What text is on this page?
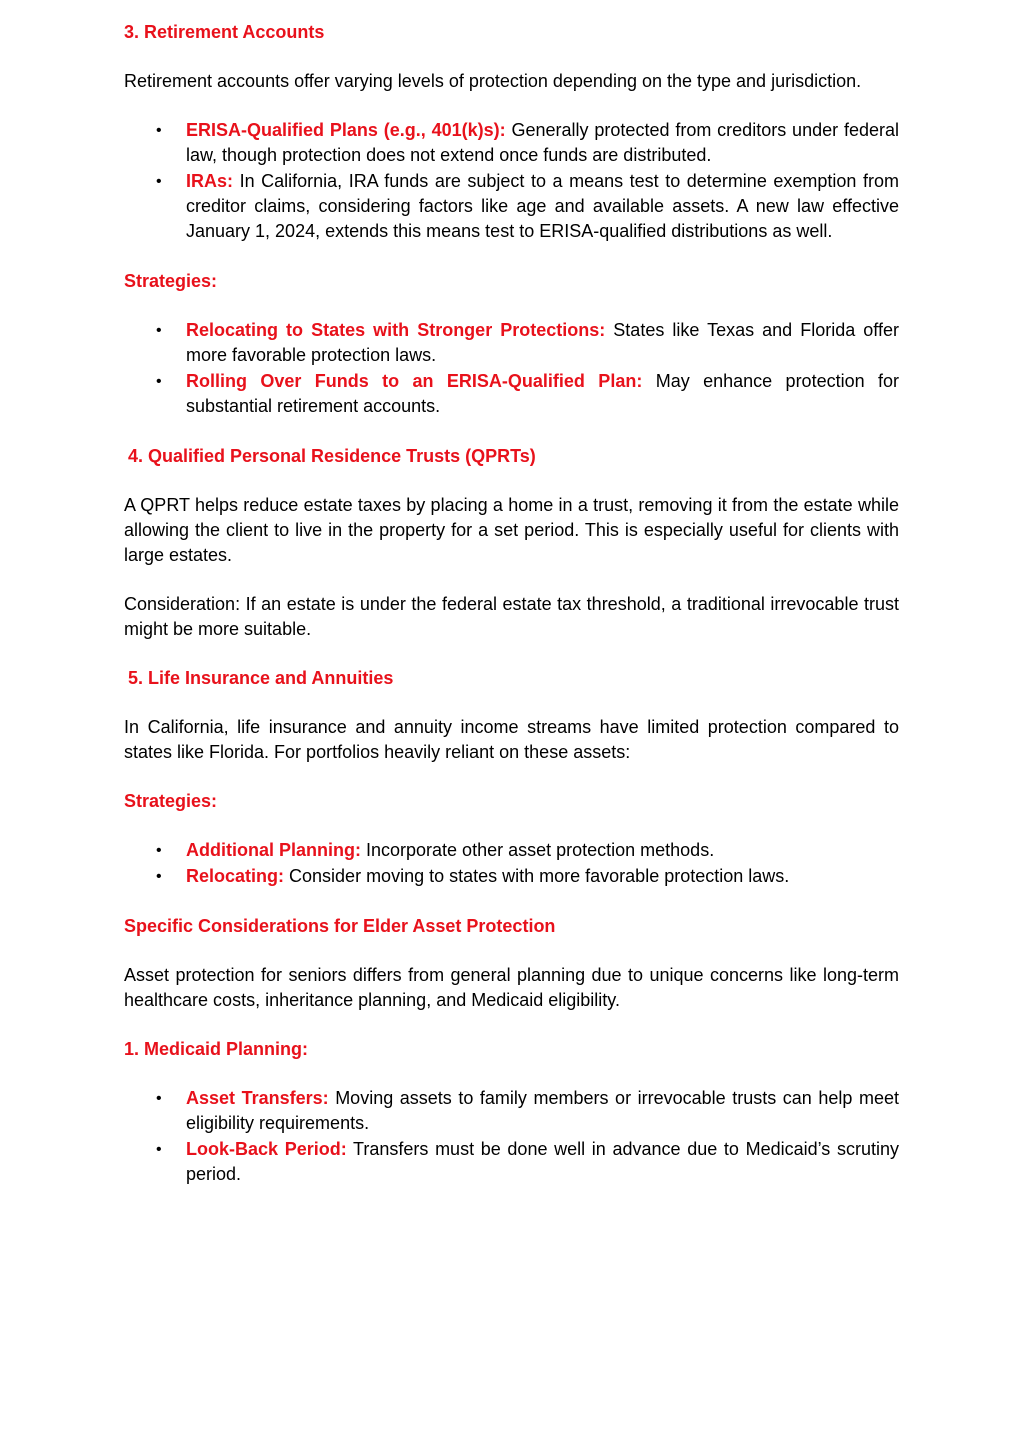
3. Retirement Accounts

Retirement accounts offer varying levels of protection depending on the type and jurisdiction.

• ERISA-Qualified Plans (e.g., 401(k)s): Generally protected from creditors under federal law, though protection does not extend once funds are distributed.
• IRAs: In California, IRA funds are subject to a means test to determine exemption from creditor claims, considering factors like age and available assets. A new law effective January 1, 2024, extends this means test to ERISA-qualified distributions as well.

Strategies:

• Relocating to States with Stronger Protections: States like Texas and Florida offer more favorable protection laws.
• Rolling Over Funds to an ERISA-Qualified Plan: May enhance protection for substantial retirement accounts.

4. Qualified Personal Residence Trusts (QPRTs)

A QPRT helps reduce estate taxes by placing a home in a trust, removing it from the estate while allowing the client to live in the property for a set period. This is especially useful for clients with large estates.

Consideration: If an estate is under the federal estate tax threshold, a traditional irrevocable trust might be more suitable.

5. Life Insurance and Annuities

In California, life insurance and annuity income streams have limited protection compared to states like Florida. For portfolios heavily reliant on these assets:

Strategies:

• Additional Planning: Incorporate other asset protection methods.
• Relocating: Consider moving to states with more favorable protection laws.

Specific Considerations for Elder Asset Protection

Asset protection for seniors differs from general planning due to unique concerns like long-term healthcare costs, inheritance planning, and Medicaid eligibility.

1. Medicaid Planning:

• Asset Transfers: Moving assets to family members or irrevocable trusts can help meet eligibility requirements.
• Look-Back Period: Transfers must be done well in advance due to Medicaid’s scrutiny period.
